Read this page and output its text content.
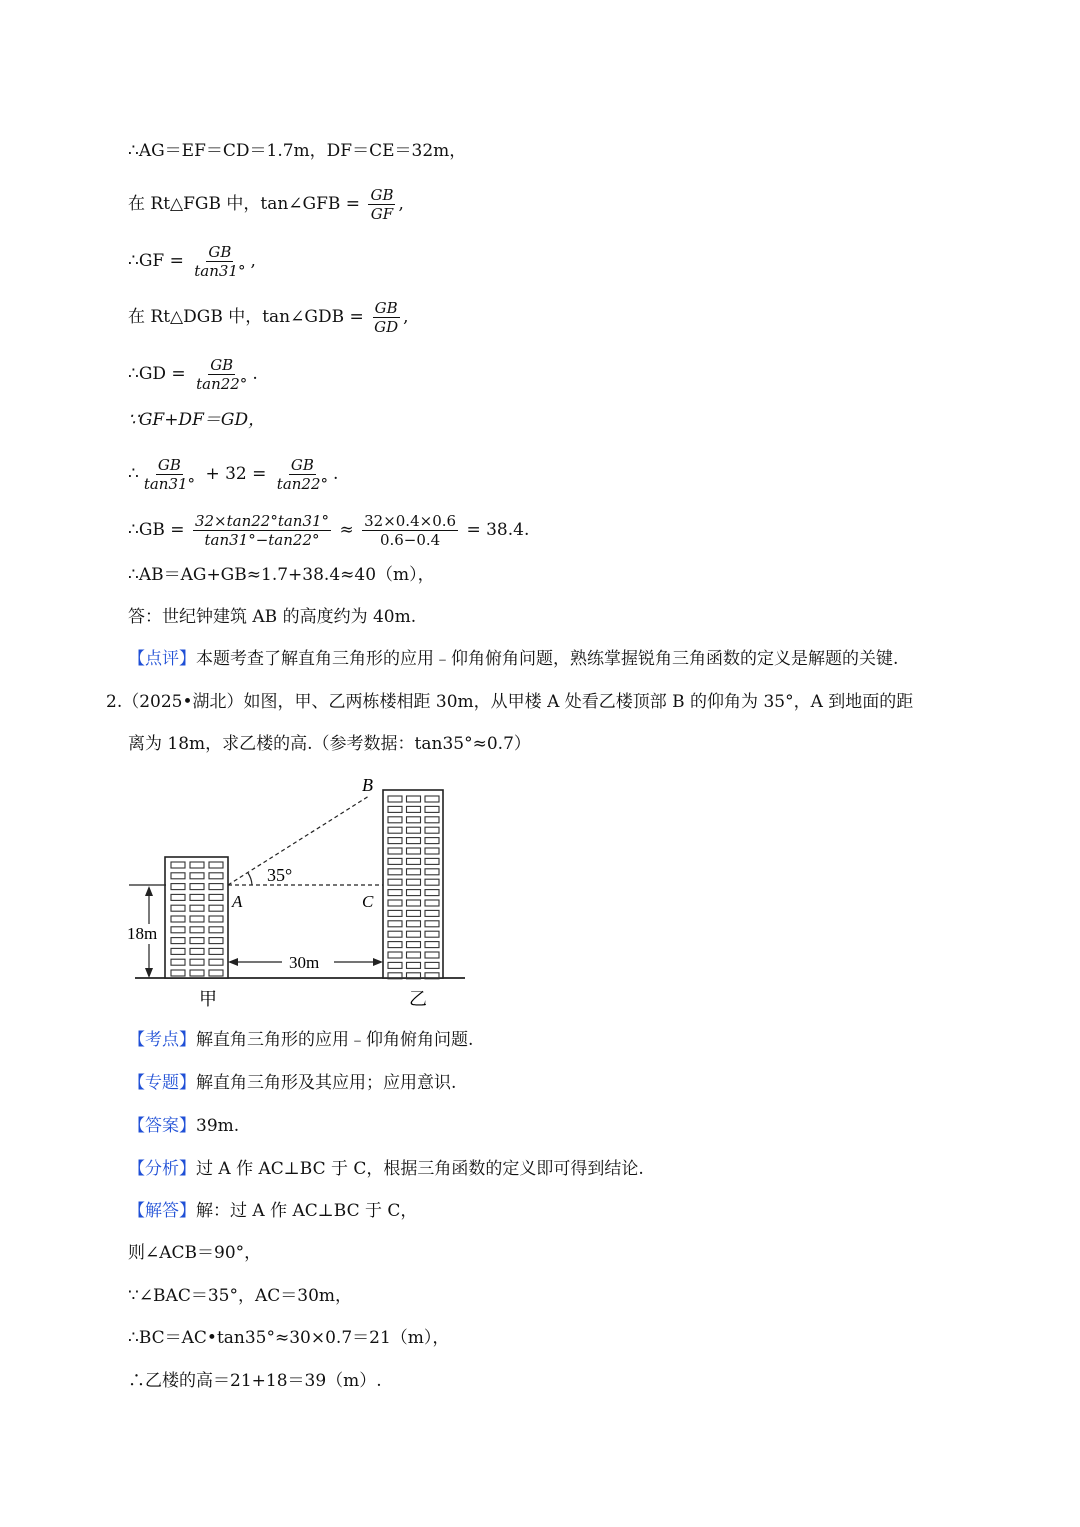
∴AG＝EF＝CD＝1.7m，DF＝CE＝32m，
在 Rt△FGB 中，tan∠GFB = $\frac{GB}{GF}$ ,
∴GF = $\frac{GB}{\tan 31^\circ}$ ,
在 Rt△DGB 中，tan∠GDB = $\frac{GB}{GD}$ ,
∴GD = $\frac{GB}{\tan 22^\circ}$ .
∵GF+DF＝GD，
∴ $\frac{GB}{\tan 31^\circ} + 32 = \frac{GB}{\tan 22^\circ}$ .
∴GB = $\frac{32\times\tan 22^\circ\tan 31^\circ}{\tan 31^\circ-\tan 22^\circ} \approx \frac{32\times 0.4\times 0.6}{0.6-0.4} = 38.4$.
∴AB＝AG+GB≈1.7+38.4≈40（m），
答：世纪钟建筑 AB 的高度约为 40m.
【点评】本题考查了解直角三角形的应用﹣仰角俯角问题，熟练掌握锐角三角函数的定义是解题的关键.
2.（2025•湖北）如图，甲、乙两栋楼相距 30m，从甲楼 A 处看乙楼顶部 B 的仰角为 35°，A 到地面的距
离为 18m，求乙楼的高.（参考数据：tan35°≈0.7）
B
A	C
35°
18m
30m
甲	乙
【考点】解直角三角形的应用﹣仰角俯角问题.
【专题】解直角三角形及其应用；应用意识.
【答案】39m.
【分析】过 A 作 AC⊥BC 于 C，根据三角函数的定义即可得到结论.
【解答】解：过 A 作 AC⊥BC 于 C，
则∠ACB＝90°，
∵∠BAC＝35°，AC＝30m，
∴BC＝AC•tan35°≈30×0.7＝21（m），
∴乙楼的高＝21+18＝39（m）.
